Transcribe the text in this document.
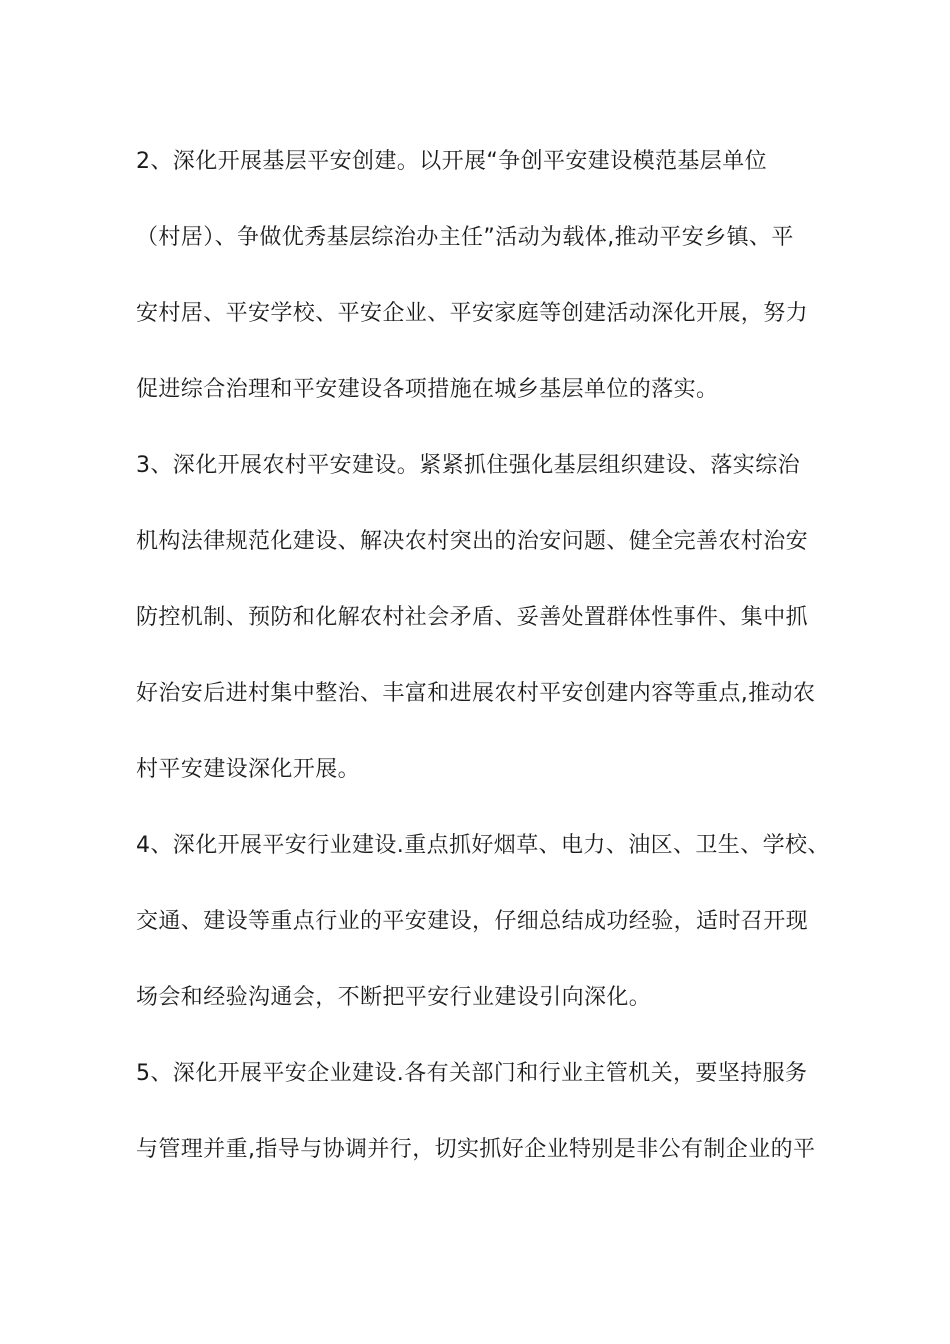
2、深化开展基层平安创建。以开展“争创平安建设模范基层单位
（村居）、争做优秀基层综治办主任”活动为载体,推动平安乡镇、平
安村居、平安学校、平安企业、平安家庭等创建活动深化开展，努力
促进综合治理和平安建设各项措施在城乡基层单位的落实。
3、深化开展农村平安建设。紧紧抓住强化基层组织建设、落实综治
机构法律规范化建设、解决农村突出的治安问题、健全完善农村治安
防控机制、预防和化解农村社会矛盾、妥善处置群体性事件、集中抓
好治安后进村集中整治、丰富和进展农村平安创建内容等重点,推动农
村平安建设深化开展。
4、深化开展平安行业建设.重点抓好烟草、电力、油区、卫生、学校、
交通、建设等重点行业的平安建设，仔细总结成功经验，适时召开现
场会和经验沟通会，不断把平安行业建设引向深化。
5、深化开展平安企业建设.各有关部门和行业主管机关，要坚持服务
与管理并重,指导与协调并行，切实抓好企业特别是非公有制企业的平
